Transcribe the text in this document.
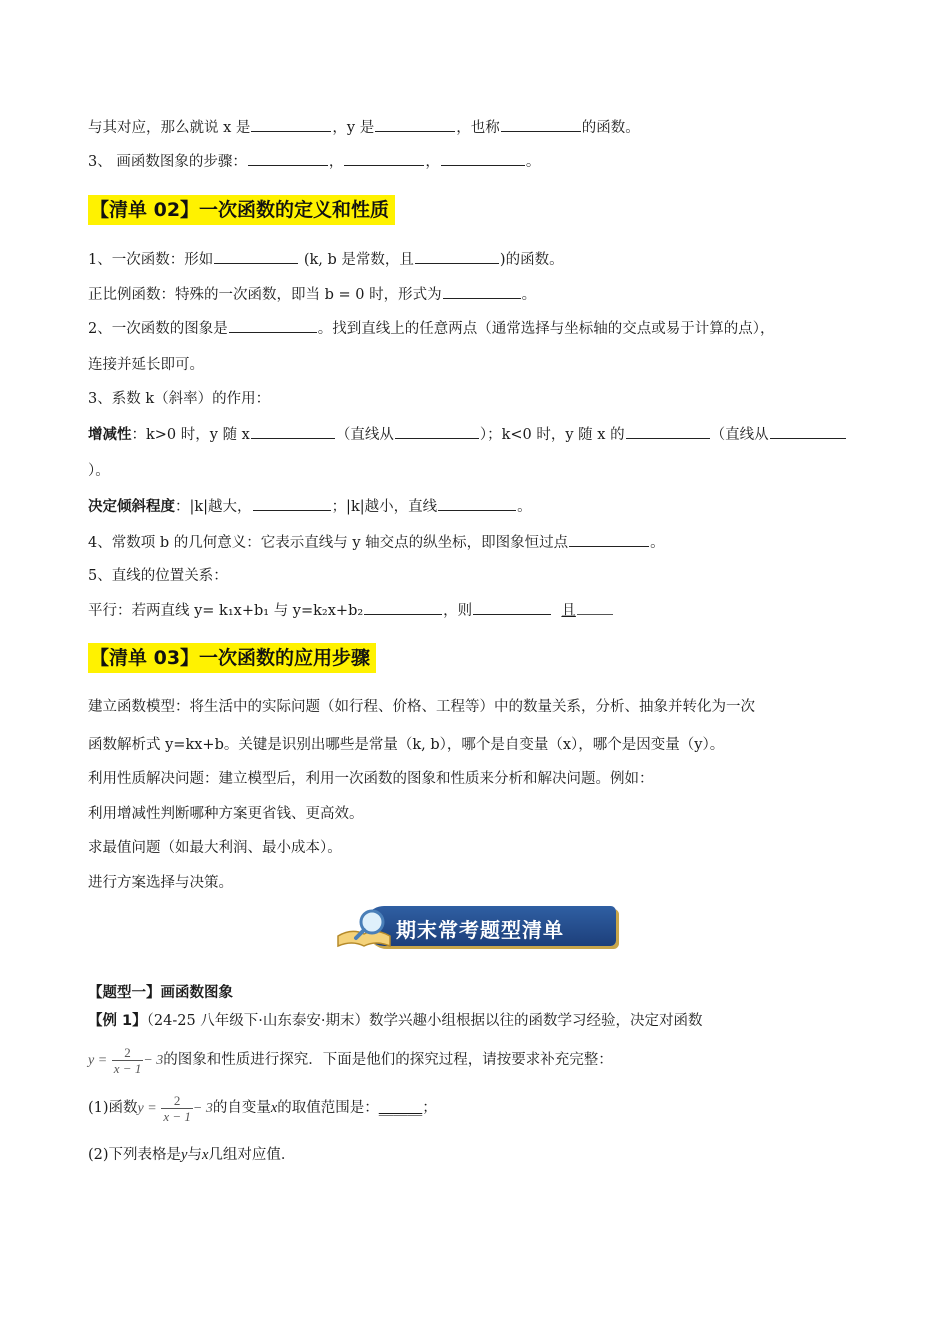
与其对应，那么就说 x 是	，y 是	，也称	的函数。
3、 画函数图象的步骤：	，	，	。
【清单 02】一次函数的定义和性质
1、一次函数：形如	(k, b 是常数，且	)的函数。
正比例函数：特殊的一次函数，即当 b = 0 时，形式为	。
2、一次函数的图象是	。找到直线上的任意两点（通常选择与坐标轴的交点或易于计算的点），
连接并延长即可。
3、系数 k（斜率）的作用：
增减性：k>0 时，y 随 x	（直线从	）；k<0 时，y 随 x 的	（直线从
）。
决定倾斜程度：|k|越大，	；|k|越小，直线	。
4、常数项 b 的几何意义：它表示直线与 y 轴交点的纵坐标，即图象恒过点	。
5、直线的位置关系：
平行：若两直线 y= k₁x+b₁ 与 y=k₂x+b₂	，则	且
【清单 03】一次函数的应用步骤
建立函数模型：将生活中的实际问题（如行程、价格、工程等）中的数量关系，分析、抽象并转化为一次
函数解析式 y=kx+b。关键是识别出哪些是常量（k, b），哪个是自变量（x），哪个是因变量（y）。
利用性质解决问题：建立模型后，利用一次函数的图象和性质来分析和解决问题。例如：
利用增减性判断哪种方案更省钱、更高效。
求最值问题（如最大利润、最小成本）。
进行方案选择与决策。
期末常考题型清单
【题型一】画函数图象
【例 1】（24-25 八年级下·山东泰安·期末）数学兴趣小组根据以往的函数学习经验，决定对函数
$y = \frac{2}{x - 1} - 3$的图象和性质进行探究．下面是他们的探究过程，请按要求补充完整：
(1)函数$y = \frac{2}{x - 1} - 3$的自变量x的取值范围是：______；
(2)下列表格是y与x几组对应值．
